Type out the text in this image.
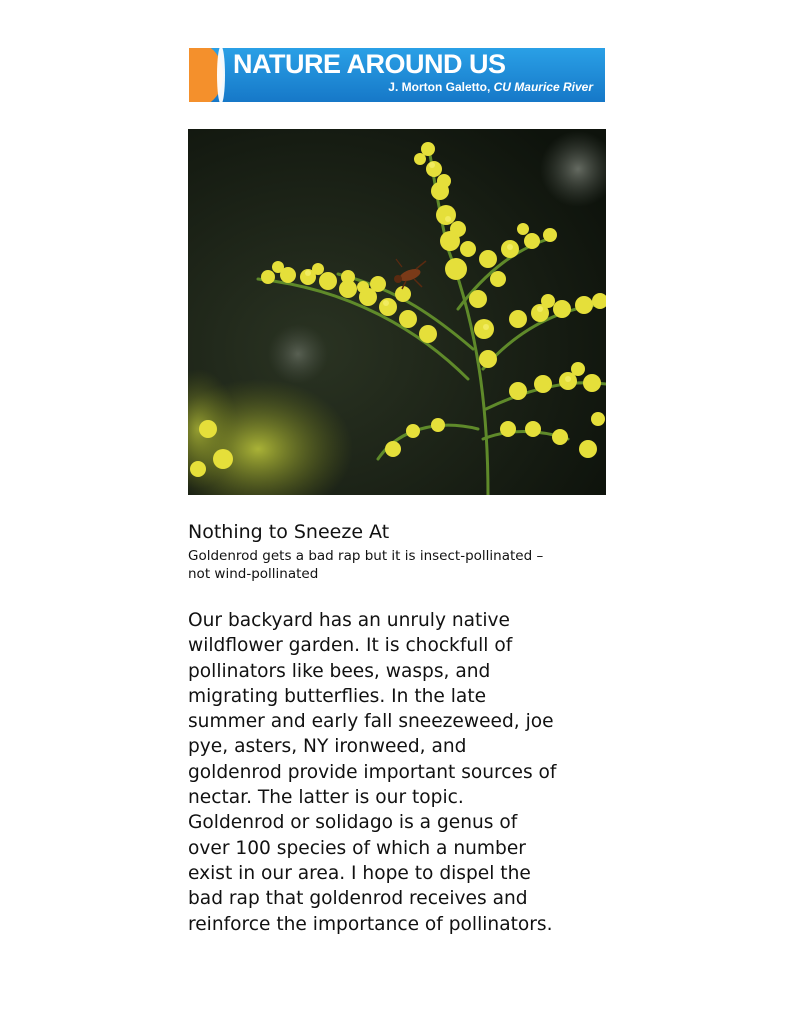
NATURE AROUND US
J. Morton Galetto, CU Maurice River
Nothing to Sneeze At
Goldenrod gets a bad rap but it is insect-pollinated –
not wind-pollinated
Our backyard has an unruly native
wildflower garden. It is chockfull of
pollinators like bees, wasps, and
migrating butterflies. In the late
summer and early fall sneezeweed, joe
pye, asters, NY ironweed, and
goldenrod provide important sources of
nectar. The latter is our topic.
Goldenrod or solidago is a genus of
over 100 species of which a number
exist in our area. I hope to dispel the
bad rap that goldenrod receives and
reinforce the importance of pollinators.
